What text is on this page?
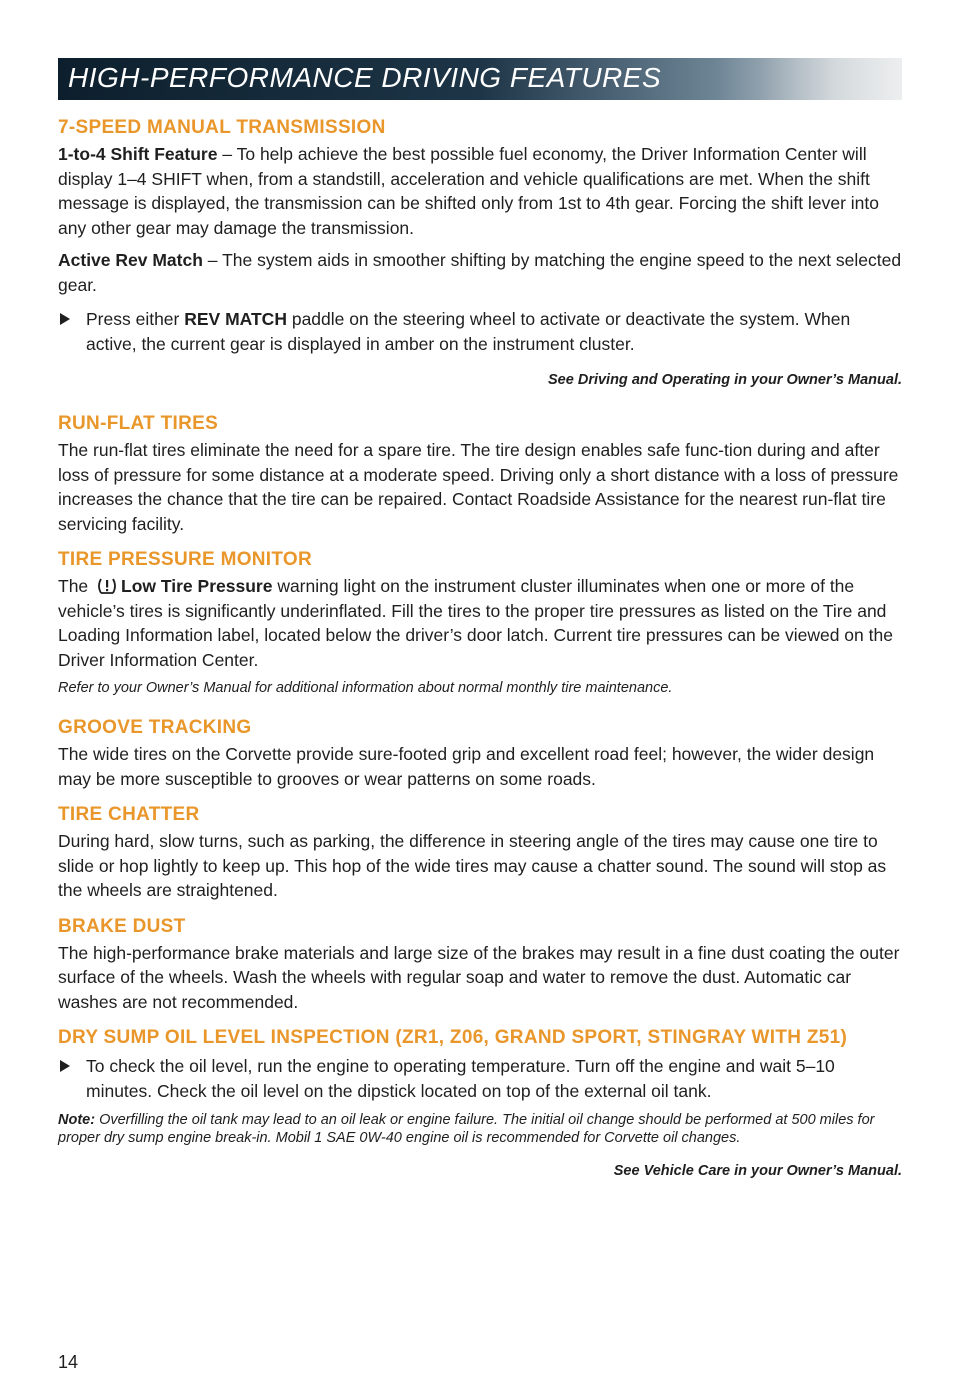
HIGH-PERFORMANCE DRIVING FEATURES
7-SPEED MANUAL TRANSMISSION

1-to-4 Shift Feature – To help achieve the best possible fuel economy, the Driver Information Center will display 1–4 SHIFT when, from a standstill, acceleration and vehicle qualiﬁcations are met. When the shift message is displayed, the transmission can be shifted only from 1st to 4th gear. Forcing the shift lever into any other gear may damage the transmission.

Active Rev Match – The system aids in smoother shifting by matching the engine speed to the next selected gear.

Press either REV MATCH paddle on the steering wheel to activate or deactivate the system. When active, the current gear is displayed in amber on the instrument cluster.

See Driving and Operating in your Owner’s Manual.

RUN-FLAT TIRES

The run-ﬂat tires eliminate the need for a spare tire. The tire design enables safe func-tion during and after loss of pressure for some distance at a moderate speed. Driving only a short distance with a loss of pressure increases the chance that the tire can be repaired. Contact Roadside Assistance for the nearest run-ﬂat tire servicing facility.

TIRE PRESSURE MONITOR

The Low Tire Pressure warning light on the instrument cluster illuminates when one or more of the vehicle’s tires is signiﬁcantly underinﬂated. Fill the tires to the proper tire pressures as listed on the Tire and Loading Information label, located below the driver’s door latch. Current tire pressures can be viewed on the Driver Information Center.

Refer to your Owner’s Manual for additional information about normal monthly tire maintenance.

GROOVE TRACKING

The wide tires on the Corvette provide sure-footed grip and excellent road feel; however, the wider design may be more susceptible to grooves or wear patterns on some roads.

TIRE CHATTER

During hard, slow turns, such as parking, the difference in steering angle of the tires may cause one tire to slide or hop lightly to keep up. This hop of the wide tires may cause a chatter sound. The sound will stop as the wheels are straightened.

BRAKE DUST

The high-performance brake materials and large size of the brakes may result in a ﬁne dust coating the outer surface of the wheels. Wash the wheels with regular soap and water to remove the dust. Automatic car washes are not recommended.

DRY SUMP OIL LEVEL INSPECTION (ZR1, Z06, GRAND SPORT, STINGRAY WITH Z51)

To check the oil level, run the engine to operating temperature. Turn off the engine and wait 5–10 minutes. Check the oil level on the dipstick located on top of the external oil tank.

Note: Overﬁlling the oil tank may lead to an oil leak or engine failure. The initial oil change should be performed at 500 miles for proper dry sump engine break-in. Mobil 1 SAE 0W-40 engine oil is recommended for Corvette oil changes.

See Vehicle Care in your Owner’s Manual.

14
